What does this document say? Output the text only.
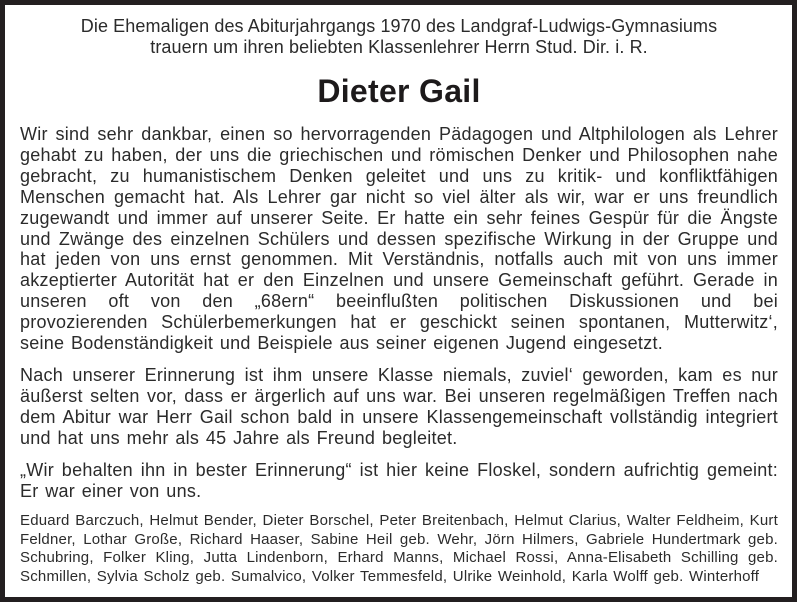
Die Ehemaligen des Abiturjahrgangs 1970 des Landgraf-Ludwigs-Gymnasiums
trauern um ihren beliebten Klassenlehrer Herrn Stud. Dir. i. R.
Dieter Gail

Wir sind sehr dankbar, einen so hervorragenden Pädagogen und Altphilologen als Lehrer gehabt zu haben, der uns die griechischen und römischen Denker und Philosophen nahe gebracht, zu humanistischem Denken geleitet und uns zu kritik- und konfliktfähigen Menschen gemacht hat. Als Lehrer gar nicht so viel älter als wir, war er uns freundlich zugewandt und immer auf unserer Seite. Er hatte ein sehr feines Gespür für die Ängste und Zwänge des einzelnen Schülers und dessen spezifische Wirkung in der Gruppe und hat jeden von uns ernst genommen. Mit Verständnis, notfalls auch mit von uns immer akzeptierter Autorität hat er den Einzelnen und unsere Gemeinschaft geführt. Gerade in unseren oft von den „68ern“ beeinflußten politischen Diskussionen und bei provozierenden Schülerbemerkungen hat er geschickt seinen spontanen, Mutterwitz‘, seine Bodenständigkeit und Beispiele aus seiner eigenen Jugend eingesetzt.

Nach unserer Erinnerung ist ihm unsere Klasse niemals, zuviel‘ geworden, kam es nur äußerst selten vor, dass er ärgerlich auf uns war. Bei unseren regelmäßigen Treffen nach dem Abitur war Herr Gail schon bald in unsere Klassengemeinschaft vollständig integriert und hat uns mehr als 45 Jahre als Freund begleitet.

„Wir behalten ihn in bester Erinnerung“ ist hier keine Floskel, sondern aufrichtig gemeint: Er war einer von uns.

Eduard Barczuch, Helmut Bender, Dieter Borschel, Peter Breitenbach, Helmut Clarius, Walter Feldheim, Kurt Feldner, Lothar Große, Richard Haaser, Sabine Heil geb. Wehr, Jörn Hilmers, Gabriele Hundertmark geb. Schubring, Folker Kling, Jutta Lindenborn, Erhard Manns, Michael Rossi, Anna-Elisabeth Schilling geb. Schmillen, Sylvia Scholz geb. Sumalvico, Volker Temmesfeld, Ulrike Weinhold, Karla Wolff geb. Winterhoff
